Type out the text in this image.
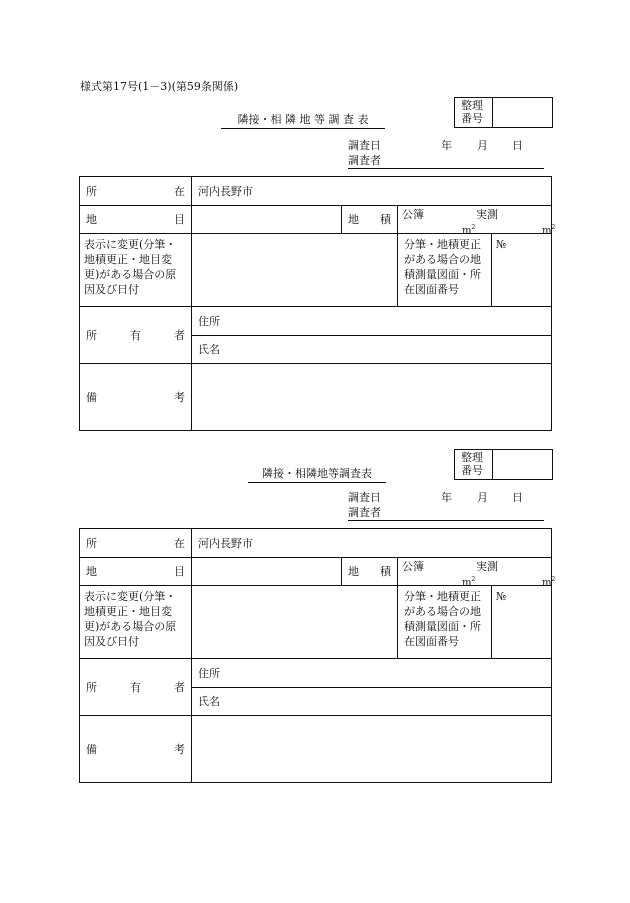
様式第17号(1－3)(第59条関係)
隣接・相 隣 地 等 調 査 表
整理
番号
調査日	年 月 日
調査者
所 在	河内長野市			

地 目		地 積	公簿 実測
$m^2$ $m^2$

表示に変更(分筆・地積更正・地目変更)がある場合の原因及び日付			分筆・地積更正がある場合の地積測量図面・所在図面番号	№

所 有 者	住所			

	氏名			

備 考				

隣接・相隣地等調査表
整理
番号
調査日	年 月 日
調査者
所 在	河内長野市			

地 目		地 積	公簿 実測
$m^2$ $m^2$

表示に変更(分筆・地積更正・地目変更)がある場合の原因及び日付			分筆・地積更正がある場合の地積測量図面・所在図面番号	№

所 有 者	住所			

	氏名			

備 考				
